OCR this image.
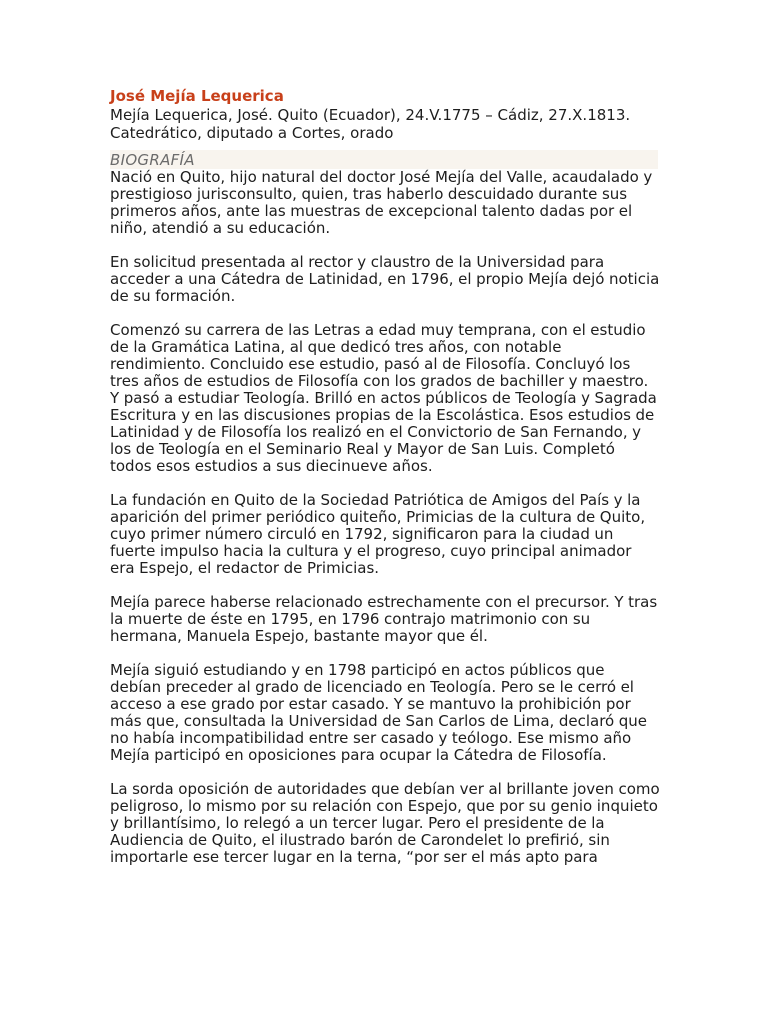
José Mejía Lequerica

Mejía Lequerica, José. Quito (Ecuador), 24.V.1775 – Cádiz, 27.X.1813. Catedrático, diputado a Cortes, orado

BIOGRAFÍA

Nació en Quito, hijo natural del doctor José Mejía del Valle, acaudalado y prestigioso jurisconsulto, quien, tras haberlo descuidado durante sus primeros años, ante las muestras de excepcional talento dadas por el niño, atendió a su educación.

En solicitud presentada al rector y claustro de la Universidad para acceder a una Cátedra de Latinidad, en 1796, el propio Mejía dejó noticia de su formación.

Comenzó su carrera de las Letras a edad muy temprana, con el estudio de la Gramática Latina, al que dedicó tres años, con notable rendimiento. Concluido ese estudio, pasó al de Filosofía. Concluyó los tres años de estudios de Filosofía con los grados de bachiller y maestro. Y pasó a estudiar Teología. Brilló en actos públicos de Teología y Sagrada Escritura y en las discusiones propias de la Escolástica. Esos estudios de Latinidad y de Filosofía los realizó en el Convictorio de San Fernando, y los de Teología en el Seminario Real y Mayor de San Luis. Completó todos esos estudios a sus diecinueve años.

La fundación en Quito de la Sociedad Patriótica de Amigos del País y la aparición del primer periódico quiteño, Primicias de la cultura de Quito, cuyo primer número circuló en 1792, significaron para la ciudad un fuerte impulso hacia la cultura y el progreso, cuyo principal animador era Espejo, el redactor de Primicias.

Mejía parece haberse relacionado estrechamente con el precursor. Y tras la muerte de éste en 1795, en 1796 contrajo matrimonio con su hermana, Manuela Espejo, bastante mayor que él.

Mejía siguió estudiando y en 1798 participó en actos públicos que debían preceder al grado de licenciado en Teología. Pero se le cerró el acceso a ese grado por estar casado. Y se mantuvo la prohibición por más que, consultada la Universidad de San Carlos de Lima, declaró que no había incompatibilidad entre ser casado y teólogo. Ese mismo año Mejía participó en oposiciones para ocupar la Cátedra de Filosofía.

La sorda oposición de autoridades que debían ver al brillante joven como peligroso, lo mismo por su relación con Espejo, que por su genio inquieto y brillantísimo, lo relegó a un tercer lugar. Pero el presidente de la Audiencia de Quito, el ilustrado barón de Carondelet lo prefirió, sin importarle ese tercer lugar en la terna, “por ser el más apto para
